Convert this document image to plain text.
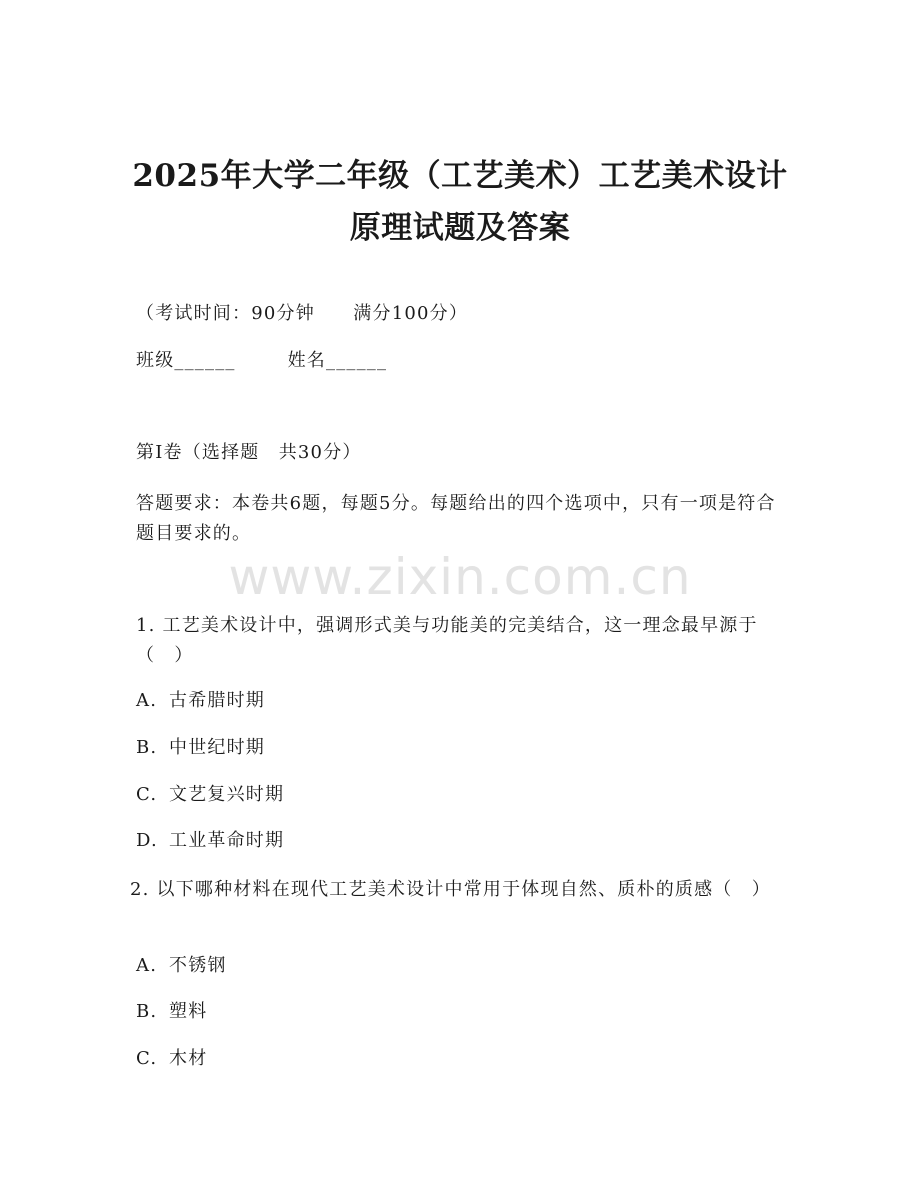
www.zixin.com.cn
2025年大学二年级（工艺美术）工艺美术设计原理试题及答案
（考试时间：90分钟　　满分100分）
班级______	姓名______
第I卷（选择题　共30分）
答题要求：本卷共6题，每题5分。每题给出的四个选项中，只有一项是符合题目要求的。
1. 工艺美术设计中，强调形式美与功能美的完美结合，这一理念最早源于（　）
A. 古希腊时期
B. 中世纪时期
C. 文艺复兴时期
D. 工业革命时期
2. 以下哪种材料在现代工艺美术设计中常用于体现自然、质朴的质感（　）
A. 不锈钢
B. 塑料
C. 木材
